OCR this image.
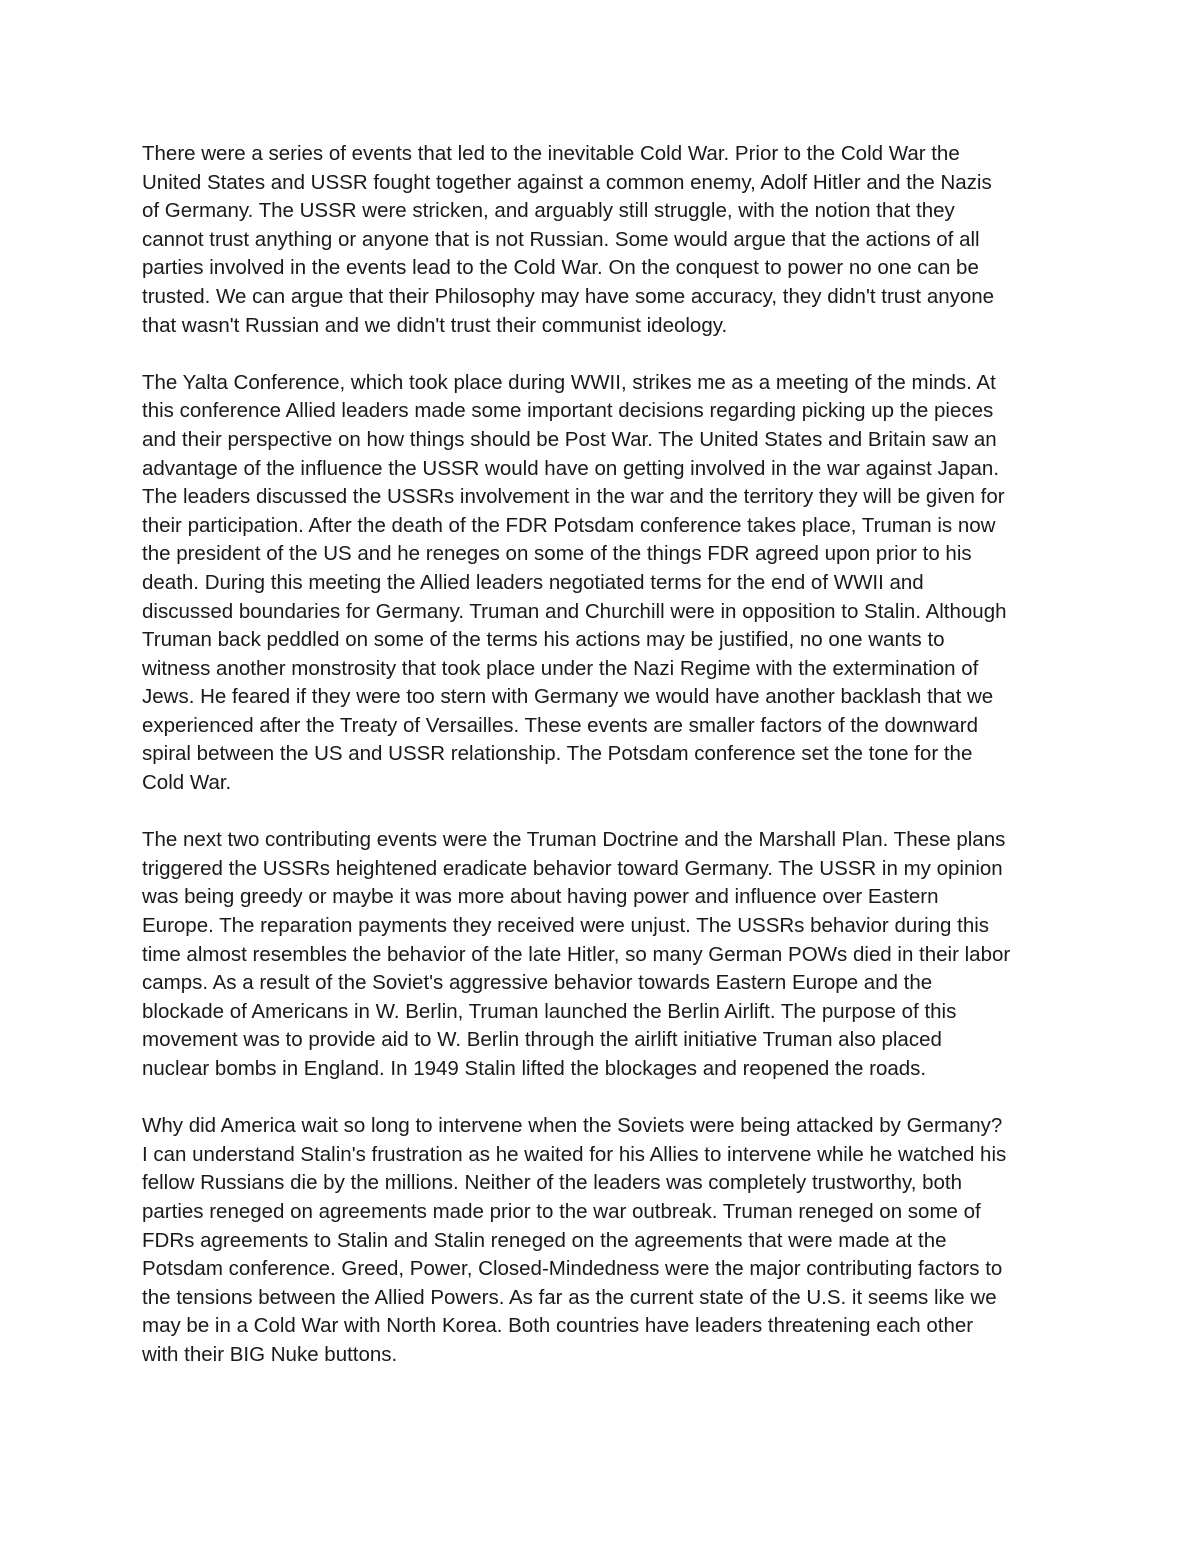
There were a series of events that led to the inevitable Cold War. Prior to the Cold War the
United States and USSR fought together against a common enemy, Adolf Hitler and the Nazis
of Germany. The USSR were stricken, and arguably still struggle, with the notion that they
cannot trust anything or anyone that is not Russian. Some would argue that the actions of all
parties involved in the events lead to the Cold War. On the conquest to power no one can be
trusted. We can argue that their Philosophy may have some accuracy, they didn't trust anyone
that wasn't Russian and we didn't trust their communist ideology.

The Yalta Conference, which took place during WWII, strikes me as a meeting of the minds. At
this conference Allied leaders made some important decisions regarding picking up the pieces
and their perspective on how things should be Post War. The United States and Britain saw an
advantage of the influence the USSR would have on getting involved in the war against Japan.
The leaders discussed the USSRs involvement in the war and the territory they will be given for
their participation. After the death of the FDR Potsdam conference takes place, Truman is now
the president of the US and he reneges on some of the things FDR agreed upon prior to his
death. During this meeting the Allied leaders negotiated terms for the end of WWII and
discussed boundaries for Germany. Truman and Churchill were in opposition to Stalin. Although
Truman back peddled on some of the terms his actions may be justified, no one wants to
witness another monstrosity that took place under the Nazi Regime with the extermination of
Jews. He feared if they were too stern with Germany we would have another backlash that we
experienced after the Treaty of Versailles. These events are smaller factors of the downward
spiral between the US and USSR relationship. The Potsdam conference set the tone for the
Cold War.

The next two contributing events were the Truman Doctrine and the Marshall Plan. These plans
triggered the USSRs heightened eradicate behavior toward Germany. The USSR in my opinion
was being greedy or maybe it was more about having power and influence over Eastern
Europe. The reparation payments they received were unjust. The USSRs behavior during this
time almost resembles the behavior of the late Hitler, so many German POWs died in their labor
camps. As a result of the Soviet's aggressive behavior towards Eastern Europe and the
blockade of Americans in W. Berlin, Truman launched the Berlin Airlift. The purpose of this
movement was to provide aid to W. Berlin through the airlift initiative Truman also placed
nuclear bombs in England. In 1949 Stalin lifted the blockages and reopened the roads.

Why did America wait so long to intervene when the Soviets were being attacked by Germany?
I can understand Stalin's frustration as he waited for his Allies to intervene while he watched his
fellow Russians die by the millions. Neither of the leaders was completely trustworthy, both
parties reneged on agreements made prior to the war outbreak. Truman reneged on some of
FDRs agreements to Stalin and Stalin reneged on the agreements that were made at the
Potsdam conference. Greed, Power, Closed-Mindedness were the major contributing factors to
the tensions between the Allied Powers. As far as the current state of the U.S. it seems like we
may be in a Cold War with North Korea. Both countries have leaders threatening each other
with their BIG Nuke buttons.
